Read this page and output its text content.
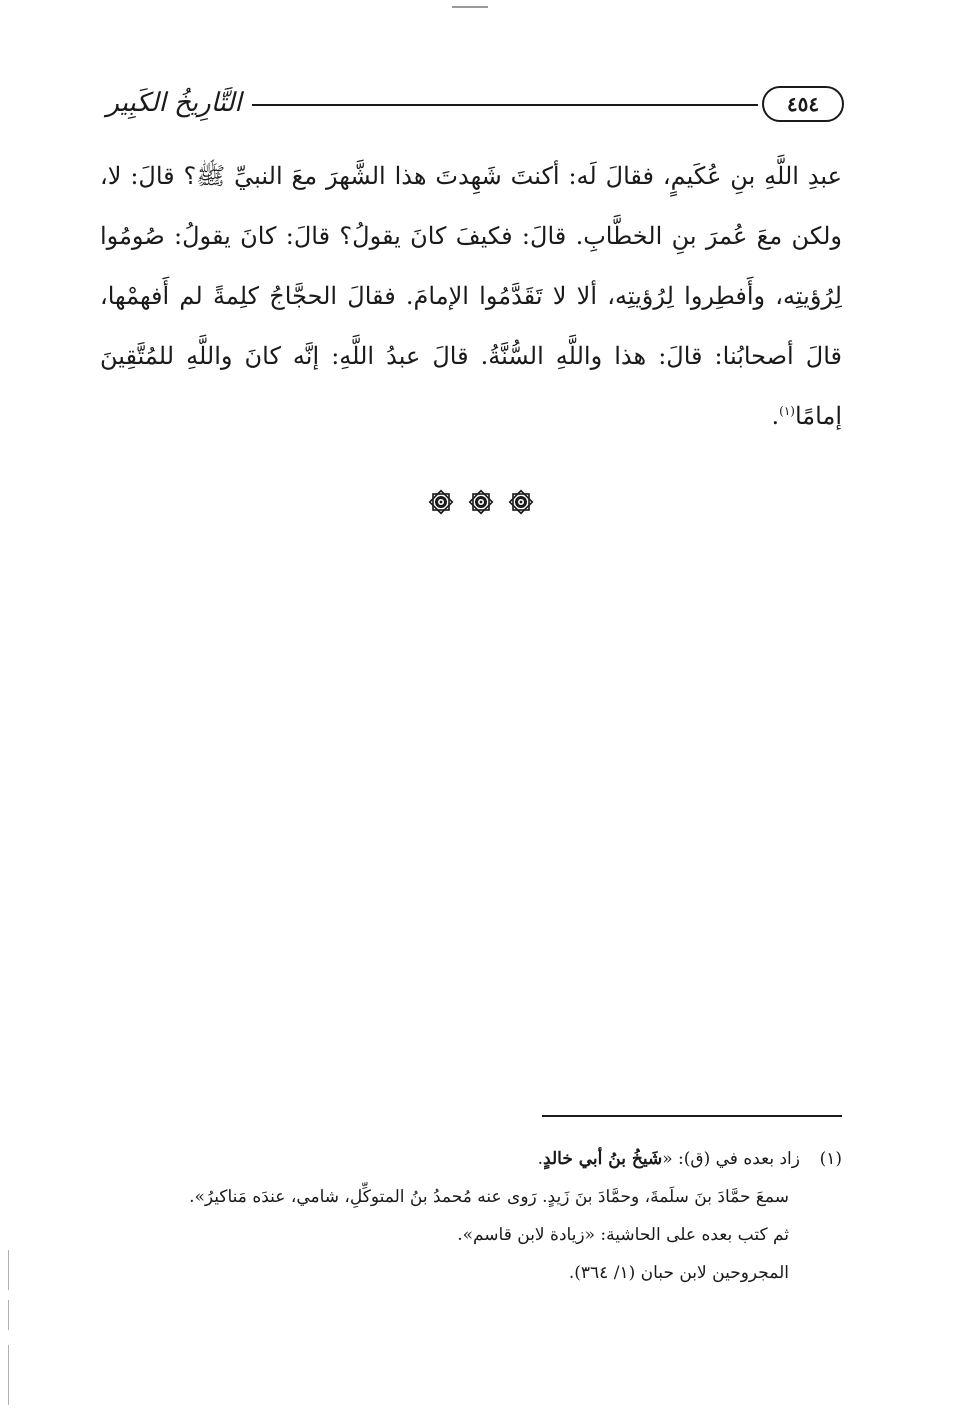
٤٥٤
التَّارِيخُ الكَبِير

عبدِ اللَّهِ بنِ عُكَيمٍ، فقالَ لَه: أكنتَ شَهِدتَ هذا الشَّهرَ معَ النبيِّ ﷺ؟ قالَ: لا،

ولكن معَ عُمرَ بنِ الخطَّابِ. قالَ: فكيفَ كانَ يقولُ؟ قالَ: كانَ يقولُ: صُومُوا

لِرُؤيتِه، وأَفطِروا لِرُؤيتِه، ألا لا تَقَدَّمُوا الإمامَ. فقالَ الحجَّاجُ كلِمةً لم أَفهمْها،

قالَ أصحابُنا: قالَ: هذا واللَّهِ السُّنَّةُ. قالَ عبدُ اللَّهِ: إنَّه كانَ واللَّهِ للمُتَّقِينَ

إمامًا$^{(١)}$.

(١)
زاد بعده في (ق): «شَيخُ بنُ أبي خالدٍ.
سمعَ حمَّادَ بنَ سلَمةَ، وحمَّادَ بنَ زَيدٍ. رَوى عنه مُحمدُ بنُ المتوكِّلِ، شامي، عندَه مَناكيرُ».
ثم كتب بعده على الحاشية: «زيادة لابن قاسم».
المجروحين لابن حبان (١/ ٣٦٤).
